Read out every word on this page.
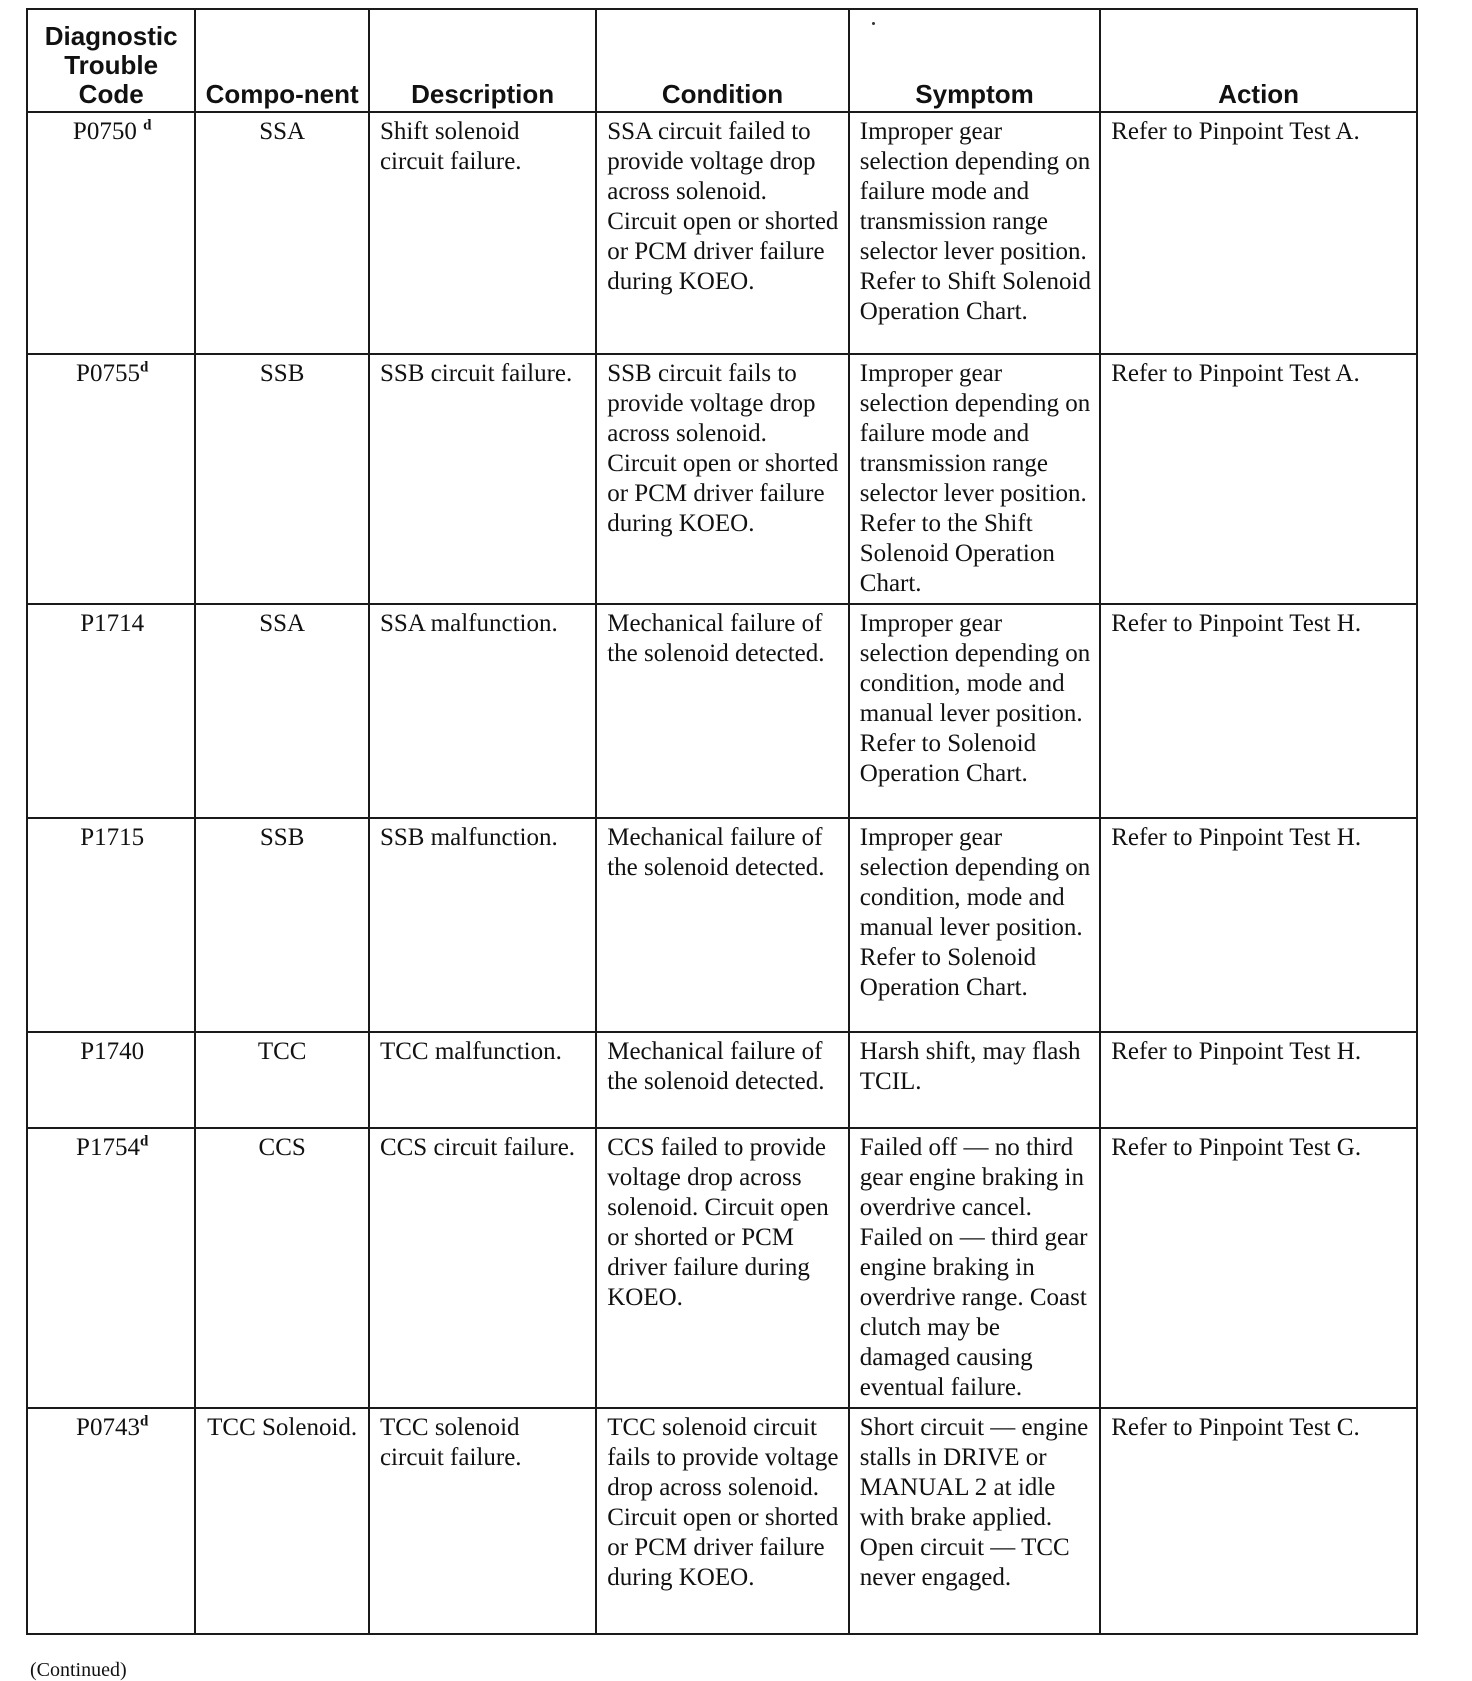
Diagnostic Trouble Code	Compo-nent	Description	Condition	Symptom	Action
P0750 $^d$	SSA	Shift solenoid circuit failure.	SSA circuit failed to provide voltage drop across solenoid. Circuit open or shorted or PCM driver failure during KOEO.	Improper gear selection depending on failure mode and transmission range selector lever position. Refer to Shift Solenoid Operation Chart.	Refer to Pinpoint Test A.
P0755$^d$	SSB	SSB circuit failure.	SSB circuit fails to provide voltage drop across solenoid. Circuit open or shorted or PCM driver failure during KOEO.	Improper gear selection depending on failure mode and transmission range selector lever position. Refer to the Shift Solenoid Operation Chart.	Refer to Pinpoint Test A.
P1714	SSA	SSA malfunction.	Mechanical failure of the solenoid detected.	Improper gear selection depending on condition, mode and manual lever position. Refer to Solenoid Operation Chart.	Refer to Pinpoint Test H.
P1715	SSB	SSB malfunction.	Mechanical failure of the solenoid detected.	Improper gear selection depending on condition, mode and manual lever position. Refer to Solenoid Operation Chart.	Refer to Pinpoint Test H.
P1740	TCC	TCC malfunction.	Mechanical failure of the solenoid detected.	Harsh shift, may flash TCIL.	Refer to Pinpoint Test H.
P1754$^d$	CCS	CCS circuit failure.	CCS failed to provide voltage drop across solenoid. Circuit open or shorted or PCM driver failure during KOEO.	Failed off — no third gear engine braking in overdrive cancel. Failed on — third gear engine braking in overdrive range. Coast clutch may be damaged causing eventual failure.	Refer to Pinpoint Test G.
P0743$^d$	TCC Solenoid.	TCC solenoid circuit failure.	TCC solenoid circuit fails to provide voltage drop across solenoid. Circuit open or shorted or PCM driver failure during KOEO.	Short circuit — engine stalls in DRIVE or MANUAL 2 at idle with brake applied. Open circuit — TCC never engaged.	Refer to Pinpoint Test C.
(Continued)
